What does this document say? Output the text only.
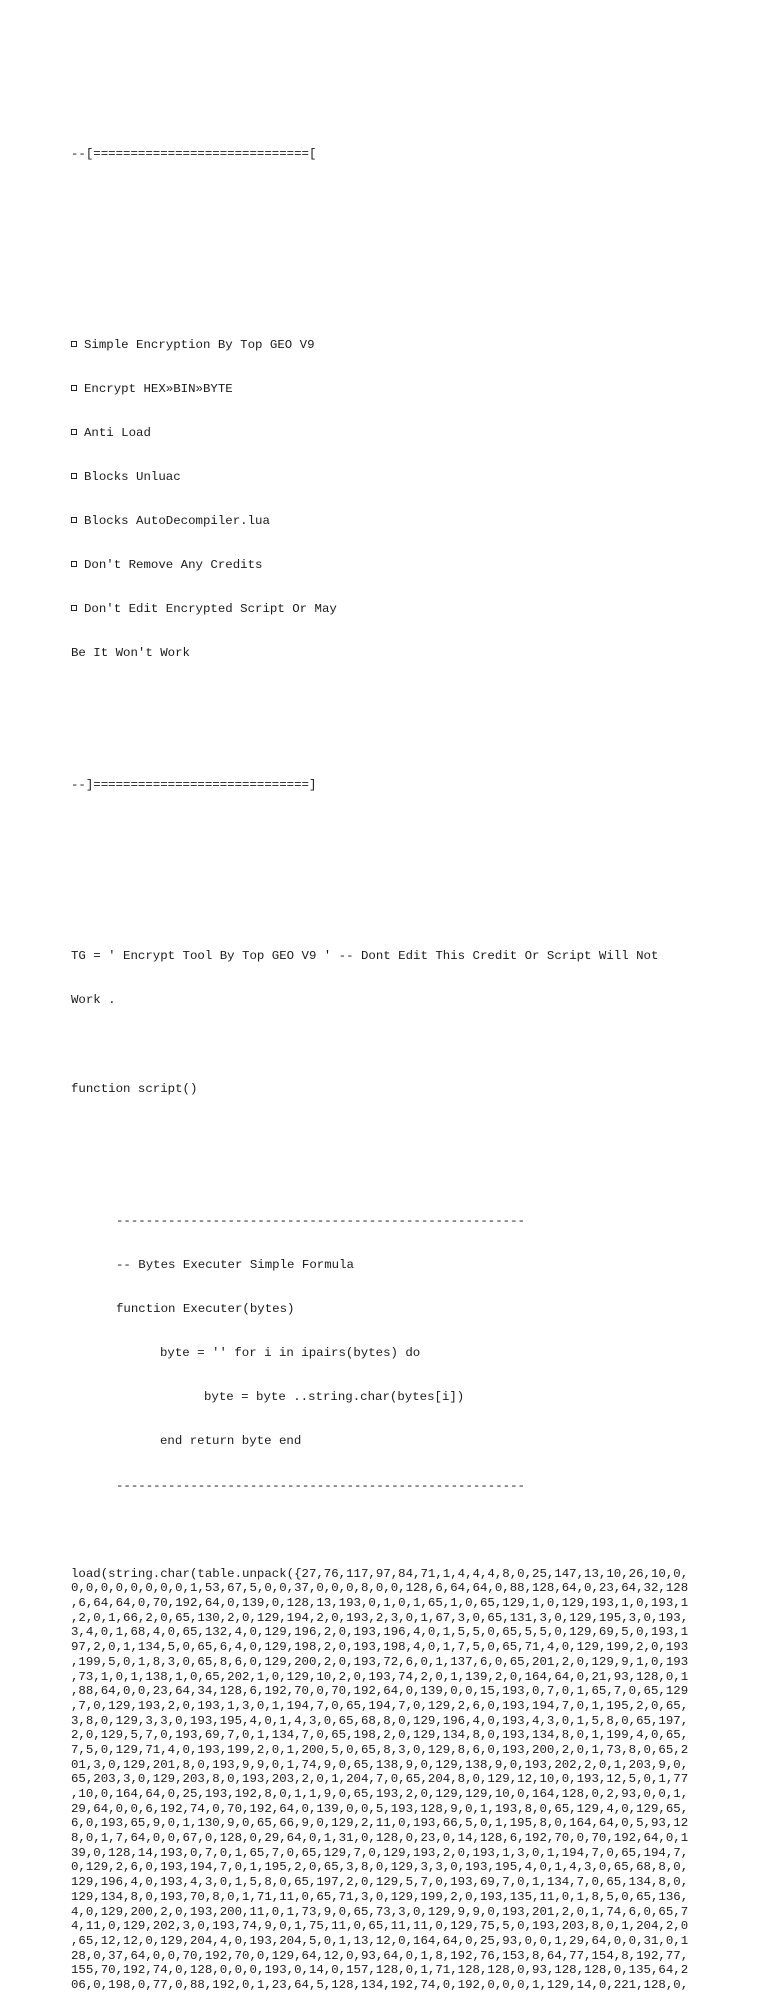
--[=============================[

Simple Encryption By Top GEO V9

Encrypt HEX»BIN»BYTE

Anti Load

Blocks Unluac

Blocks AutoDecompiler.lua

Don't Remove Any Credits

Don't Edit Encrypted Script Or May

Be It Won't Work

--]=============================]

TG = ' Encrypt Tool By Top GEO V9 ' -- Dont Edit This Credit Or Script Will Not

Work .

function script()

-------------------------------------------------------

-- Bytes Executer Simple Formula

function Executer(bytes)

byte = '' for i in ipairs(bytes) do

byte = byte ..string.char(bytes[i])

end return byte end

-------------------------------------------------------

load(string.char(table.unpack({27,76,117,97,84,71,1,4,4,4,8,0,25,147,13,10,26,10,0,
0,0,0,0,0,0,0,0,1,53,67,5,0,0,37,0,0,0,8,0,0,128,6,64,64,0,88,128,64,0,23,64,32,128
,6,64,64,0,70,192,64,0,139,0,128,13,193,0,1,0,1,65,1,0,65,129,1,0,129,193,1,0,193,1
,2,0,1,66,2,0,65,130,2,0,129,194,2,0,193,2,3,0,1,67,3,0,65,131,3,0,129,195,3,0,193,
3,4,0,1,68,4,0,65,132,4,0,129,196,2,0,193,196,4,0,1,5,5,0,65,5,5,0,129,69,5,0,193,1
97,2,0,1,134,5,0,65,6,4,0,129,198,2,0,193,198,4,0,1,7,5,0,65,71,4,0,129,199,2,0,193
,199,5,0,1,8,3,0,65,8,6,0,129,200,2,0,193,72,6,0,1,137,6,0,65,201,2,0,129,9,1,0,193
,73,1,0,1,138,1,0,65,202,1,0,129,10,2,0,193,74,2,0,1,139,2,0,164,64,0,21,93,128,0,1
,88,64,0,0,23,64,34,128,6,192,70,0,70,192,64,0,139,0,0,15,193,0,7,0,1,65,7,0,65,129
,7,0,129,193,2,0,193,1,3,0,1,194,7,0,65,194,7,0,129,2,6,0,193,194,7,0,1,195,2,0,65,
3,8,0,129,3,3,0,193,195,4,0,1,4,3,0,65,68,8,0,129,196,4,0,193,4,3,0,1,5,8,0,65,197,
2,0,129,5,7,0,193,69,7,0,1,134,7,0,65,198,2,0,129,134,8,0,193,134,8,0,1,199,4,0,65,
7,5,0,129,71,4,0,193,199,2,0,1,200,5,0,65,8,3,0,129,8,6,0,193,200,2,0,1,73,8,0,65,2
01,3,0,129,201,8,0,193,9,9,0,1,74,9,0,65,138,9,0,129,138,9,0,193,202,2,0,1,203,9,0,
65,203,3,0,129,203,8,0,193,203,2,0,1,204,7,0,65,204,8,0,129,12,10,0,193,12,5,0,1,77
,10,0,164,64,0,25,193,192,8,0,1,1,9,0,65,193,2,0,129,129,10,0,164,128,0,2,93,0,0,1,
29,64,0,0,6,192,74,0,70,192,64,0,139,0,0,5,193,128,9,0,1,193,8,0,65,129,4,0,129,65,
6,0,193,65,9,0,1,130,9,0,65,66,9,0,129,2,11,0,193,66,5,0,1,195,8,0,164,64,0,5,93,12
8,0,1,7,64,0,0,67,0,128,0,29,64,0,1,31,0,128,0,23,0,14,128,6,192,70,0,70,192,64,0,1
39,0,128,14,193,0,7,0,1,65,7,0,65,129,7,0,129,193,2,0,193,1,3,0,1,194,7,0,65,194,7,
0,129,2,6,0,193,194,7,0,1,195,2,0,65,3,8,0,129,3,3,0,193,195,4,0,1,4,3,0,65,68,8,0,
129,196,4,0,193,4,3,0,1,5,8,0,65,197,2,0,129,5,7,0,193,69,7,0,1,134,7,0,65,134,8,0,
129,134,8,0,193,70,8,0,1,71,11,0,65,71,3,0,129,199,2,0,193,135,11,0,1,8,5,0,65,136,
4,0,129,200,2,0,193,200,11,0,1,73,9,0,65,73,3,0,129,9,9,0,193,201,2,0,1,74,6,0,65,7
4,11,0,129,202,3,0,193,74,9,0,1,75,11,0,65,11,11,0,129,75,5,0,193,203,8,0,1,204,2,0
,65,12,12,0,129,204,4,0,193,204,5,0,1,13,12,0,164,64,0,25,93,0,0,1,29,64,0,0,31,0,1
28,0,37,64,0,0,70,192,70,0,129,64,12,0,93,64,0,1,8,192,76,153,8,64,77,154,8,192,77,
155,70,192,74,0,128,0,0,0,193,0,14,0,157,128,0,1,71,128,128,0,93,128,128,0,135,64,2
06,0,198,0,77,0,88,192,0,1,23,64,5,128,134,192,74,0,192,0,0,0,1,129,14,0,221,128,0,
